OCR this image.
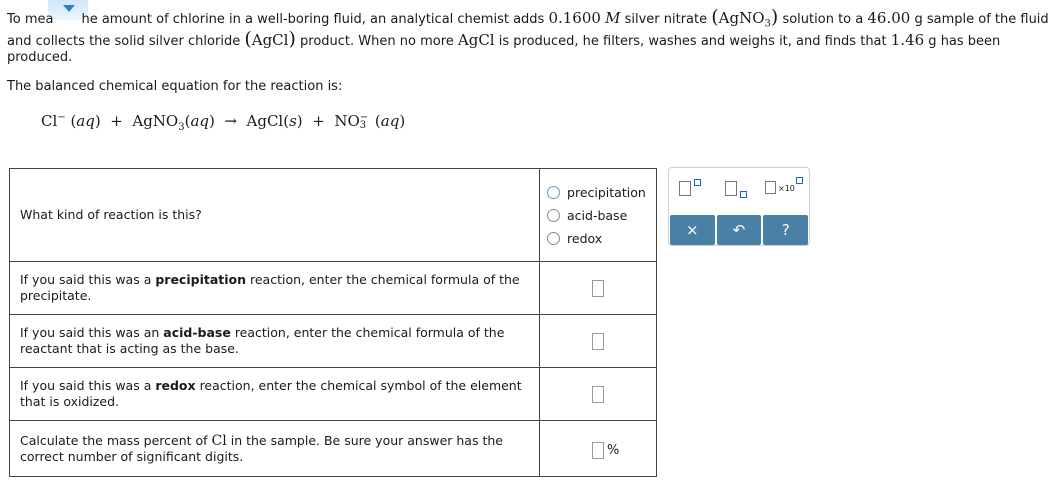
To mea he amount of chlorine in a well-boring fluid, an analytical chemist adds 0.1600 M silver nitrate (AgNO$_3$) solution to a 46.00 g sample of the fluid

and collects the solid silver chloride (AgCl) product. When no more AgCl is produced, he filters, washes and weighs it, and finds that 1.46 g has been

produced.

The balanced chemical equation for the reaction is:
Cl− (aq)  + AgNO$_3$(aq)  → AgCl(s)  + NO −
3 (aq)
What kind of reaction is this?	precipitation
acid-base
redox

If you said this was a precipitation reaction, enter the chemical formula of the precipitate.	

If you said this was an acid-base reaction, enter the chemical formula of the reactant that is acting as the base.	

If you said this was a redox reaction, enter the chemical symbol of the element that is oxidized.	

Calculate the mass percent of Cl in the sample. Be sure your answer has the correct number of significant digits.	%
×10
× ↶ ?
